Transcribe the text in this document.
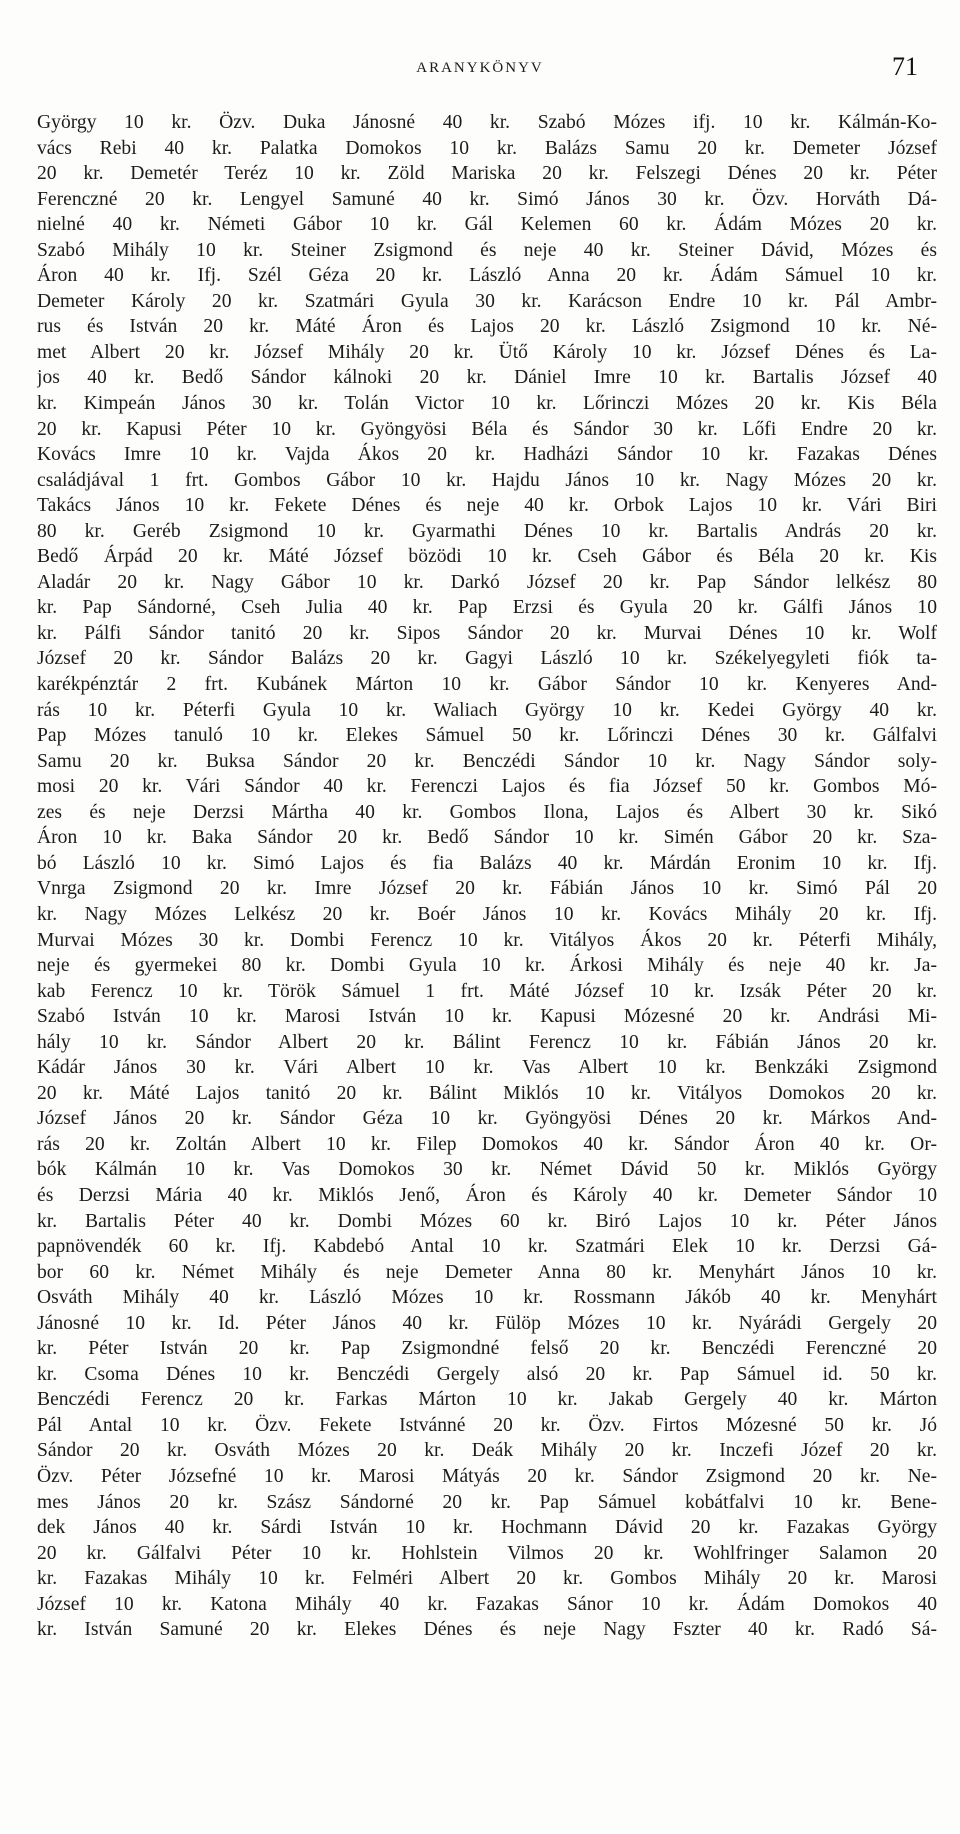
ARANYKÖNYV	71
György 10 kr. Özv. Duka Jánosné 40 kr. Szabó Mózes ifj. 10 kr. Kálmán-Ko-
vács Rebi 40 kr. Palatka Domokos 10 kr. Balázs Samu 20 kr. Demeter József
20 kr. Demetér Teréz 10 kr. Zöld Mariska 20 kr. Felszegi Dénes 20 kr. Péter
Ferenczné 20 kr. Lengyel Samuné 40 kr. Simó János 30 kr. Özv. Horváth Dá-
nielné 40 kr. Németi Gábor 10 kr. Gál Kelemen 60 kr. Ádám Mózes 20 kr.
Szabó Mihály 10 kr. Steiner Zsigmond és neje 40 kr. Steiner Dávid, Mózes és
Áron 40 kr. Ifj. Szél Géza 20 kr. László Anna 20 kr. Ádám Sámuel 10 kr.
Demeter Károly 20 kr. Szatmári Gyula 30 kr. Karácson Endre 10 kr. Pál Ambr-
rus és István 20 kr. Máté Áron és Lajos 20 kr. László Zsigmond 10 kr. Né-
met Albert 20 kr. József Mihály 20 kr. Ütő Károly 10 kr. József Dénes és La-
jos 40 kr. Bedő Sándor kálnoki 20 kr. Dániel Imre 10 kr. Bartalis József 40
kr. Kimpeán János 30 kr. Tolán Victor 10 kr. Lőrinczi Mózes 20 kr. Kis Béla
20 kr. Kapusi Péter 10 kr. Gyöngyösi Béla és Sándor 30 kr. Lőfi Endre 20 kr.
Kovács Imre 10 kr. Vajda Ákos 20 kr. Hadházi Sándor 10 kr. Fazakas Dénes
családjával 1 frt. Gombos Gábor 10 kr. Hajdu János 10 kr. Nagy Mózes 20 kr.
Takács János 10 kr. Fekete Dénes és neje 40 kr. Orbok Lajos 10 kr. Vári Biri
80 kr. Geréb Zsigmond 10 kr. Gyarmathi Dénes 10 kr. Bartalis András 20 kr.
Bedő Árpád 20 kr. Máté József bözödi 10 kr. Cseh Gábor és Béla 20 kr. Kis
Aladár 20 kr. Nagy Gábor 10 kr. Darkó József 20 kr. Pap Sándor lelkész 80
kr. Pap Sándorné, Cseh Julia 40 kr. Pap Erzsi és Gyula 20 kr. Gálfi János 10
kr. Pálfi Sándor tanitó 20 kr. Sipos Sándor 20 kr. Murvai Dénes 10 kr. Wolf
József 20 kr. Sándor Balázs 20 kr. Gagyi László 10 kr. Székelyegyleti fiók ta-
karékpénztár 2 frt. Kubánek Márton 10 kr. Gábor Sándor 10 kr. Kenyeres And-
rás 10 kr. Péterfi Gyula 10 kr. Waliach György 10 kr. Kedei György 40 kr.
Pap Mózes tanuló 10 kr. Elekes Sámuel 50 kr. Lőrinczi Dénes 30 kr. Gálfalvi
Samu 20 kr. Buksa Sándor 20 kr. Benczédi Sándor 10 kr. Nagy Sándor soly-
mosi 20 kr. Vári Sándor 40 kr. Ferenczi Lajos és fia József 50 kr. Gombos Mó-
zes és neje Derzsi Mártha 40 kr. Gombos Ilona, Lajos és Albert 30 kr. Sikó
Áron 10 kr. Baka Sándor 20 kr. Bedő Sándor 10 kr. Simén Gábor 20 kr. Sza-
bó László 10 kr. Simó Lajos és fia Balázs 40 kr. Márdán Eronim 10 kr. Ifj.
Vnrga Zsigmond 20 kr. Imre József 20 kr. Fábián János 10 kr. Simó Pál 20
kr. Nagy Mózes Lelkész 20 kr. Boér János 10 kr. Kovács Mihály 20 kr. Ifj.
Murvai Mózes 30 kr. Dombi Ferencz 10 kr. Vitályos Ákos 20 kr. Péterfi Mihály,
neje és gyermekei 80 kr. Dombi Gyula 10 kr. Árkosi Mihály és neje 40 kr. Ja-
kab Ferencz 10 kr. Török Sámuel 1 frt. Máté József 10 kr. Izsák Péter 20 kr.
Szabó István 10 kr. Marosi István 10 kr. Kapusi Mózesné 20 kr. Andrási Mi-
hály 10 kr. Sándor Albert 20 kr. Bálint Ferencz 10 kr. Fábián János 20 kr.
Kádár János 30 kr. Vári Albert 10 kr. Vas Albert 10 kr. Benkzáki Zsigmond
20 kr. Máté Lajos tanitó 20 kr. Bálint Miklós 10 kr. Vitályos Domokos 20 kr.
József János 20 kr. Sándor Géza 10 kr. Gyöngyösi Dénes 20 kr. Márkos And-
rás 20 kr. Zoltán Albert 10 kr. Filep Domokos 40 kr. Sándor Áron 40 kr. Or-
bók Kálmán 10 kr. Vas Domokos 30 kr. Német Dávid 50 kr. Miklós György
és Derzsi Mária 40 kr. Miklós Jenő, Áron és Károly 40 kr. Demeter Sándor 10
kr. Bartalis Péter 40 kr. Dombi Mózes 60 kr. Biró Lajos 10 kr. Péter János
papnövendék 60 kr. Ifj. Kabdebó Antal 10 kr. Szatmári Elek 10 kr. Derzsi Gá-
bor 60 kr. Német Mihály és neje Demeter Anna 80 kr. Menyhárt János 10 kr.
Osváth Mihály 40 kr. László Mózes 10 kr. Rossmann Jákób 40 kr. Menyhárt
Jánosné 10 kr. Id. Péter János 40 kr. Fülöp Mózes 10 kr. Nyárádi Gergely 20
kr. Péter István 20 kr. Pap Zsigmondné felső 20 kr. Benczédi Ferenczné 20
kr. Csoma Dénes 10 kr. Benczédi Gergely alsó 20 kr. Pap Sámuel id. 50 kr.
Benczédi Ferencz 20 kr. Farkas Márton 10 kr. Jakab Gergely 40 kr. Márton
Pál Antal 10 kr. Özv. Fekete Istvánné 20 kr. Özv. Firtos Mózesné 50 kr. Jó
Sándor 20 kr. Osváth Mózes 20 kr. Deák Mihály 20 kr. Inczefi Józef 20 kr.
Özv. Péter Józsefné 10 kr. Marosi Mátyás 20 kr. Sándor Zsigmond 20 kr. Ne-
mes János 20 kr. Szász Sándorné 20 kr. Pap Sámuel kobátfalvi 10 kr. Bene-
dek János 40 kr. Sárdi István 10 kr. Hochmann Dávid 20 kr. Fazakas György
20 kr. Gálfalvi Péter 10 kr. Hohlstein Vilmos 20 kr. Wohlfringer Salamon 20
kr. Fazakas Mihály 10 kr. Felméri Albert 20 kr. Gombos Mihály 20 kr. Marosi
József 10 kr. Katona Mihály 40 kr. Fazakas Sánor 10 kr. Ádám Domokos 40
kr. István Samuné 20 kr. Elekes Dénes és neje Nagy Fszter 40 kr. Radó Sá-
